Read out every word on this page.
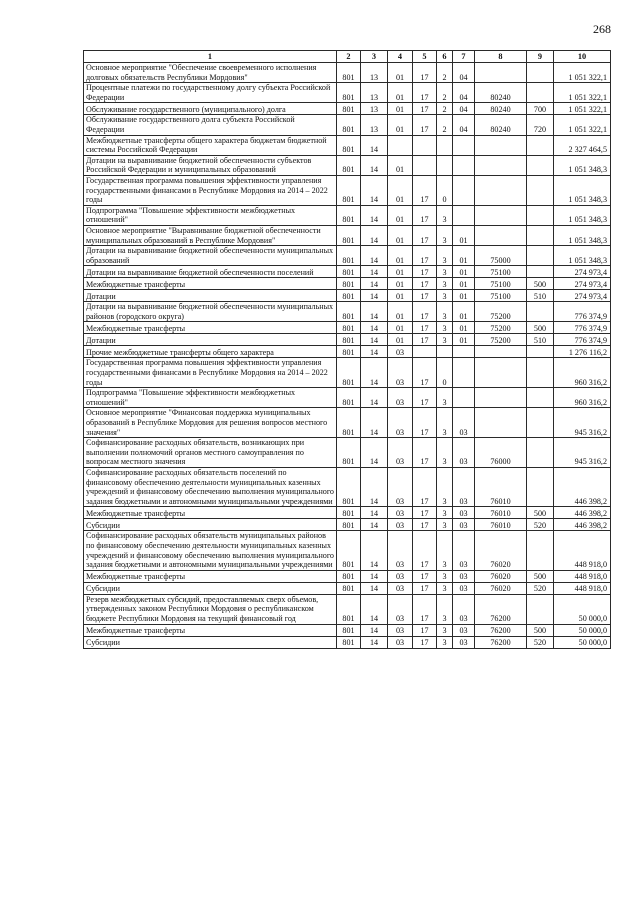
268
1	2	3	4	5	6	7	8	9	10
Основное мероприятие "Обеспечение своевременного исполнения долговых обязательств Республики Мордовия"	801	13	01	17	2	04			1 051 322,1
Процентные платежи по государственному долгу субъекта Российской Федерации	801	13	01	17	2	04	80240		1 051 322,1
Обслуживание государственного (муниципального) долга	801	13	01	17	2	04	80240	700	1 051 322,1
Обслуживание государственного долга субъекта Российской Федерации	801	13	01	17	2	04	80240	720	1 051 322,1
Межбюджетные трансферты общего характера бюджетам бюджетной системы Российской Федерации	801	14							2 327 464,5
Дотации на выравнивание бюджетной обеспеченности субъектов Российской Федерации и муниципальных образований	801	14	01						1 051 348,3
Государственная программа повышения эффективности управления государственными финансами в Республике Мордовия на 2014 – 2022 годы	801	14	01	17	0				1 051 348,3
Подпрограмма "Повышение эффективности межбюджетных отношений"	801	14	01	17	3				1 051 348,3
Основное мероприятие "Выравнивание бюджетной обеспеченности муниципальных образований в Республике Мордовия"	801	14	01	17	3	01			1 051 348,3
Дотации на выравнивание бюджетной обеспеченности муниципальных образований	801	14	01	17	3	01	75000		1 051 348,3
Дотации на выравнивание бюджетной обеспеченности поселений	801	14	01	17	3	01	75100		274 973,4
Межбюджетные трансферты	801	14	01	17	3	01	75100	500	274 973,4
Дотации	801	14	01	17	3	01	75100	510	274 973,4
Дотации на выравнивание бюджетной обеспеченности муниципальных районов (городского округа)	801	14	01	17	3	01	75200		776 374,9
Межбюджетные трансферты	801	14	01	17	3	01	75200	500	776 374,9
Дотации	801	14	01	17	3	01	75200	510	776 374,9
Прочие межбюджетные трансферты общего характера	801	14	03						1 276 116,2
Государственная программа повышения эффективности управления государственными финансами в Республике Мордовия на 2014 – 2022 годы	801	14	03	17	0				960 316,2
Подпрограмма "Повышение эффективности межбюджетных отношений"	801	14	03	17	3				960 316,2
Основное мероприятие "Финансовая поддержка муниципальных образований в Республике Мордовия для решения вопросов местного значения"	801	14	03	17	3	03			945 316,2
Софинансирование расходных обязательств, возникающих при выполнении полномочий органов местного самоуправления по вопросам местного значения	801	14	03	17	3	03	76000		945 316,2
Софинансирование расходных обязательств поселений по финансовому обеспечению деятельности муниципальных казенных учреждений и финансовому обеспечению выполнения муниципального задания бюджетными и автономными муниципальными учреждениями	801	14	03	17	3	03	76010		446 398,2
Межбюджетные трансферты	801	14	03	17	3	03	76010	500	446 398,2
Субсидии	801	14	03	17	3	03	76010	520	446 398,2
Софинансирование расходных обязательств муниципальных районов по финансовому обеспечению деятельности муниципальных казенных учреждений и финансовому обеспечению выполнения муниципального задания бюджетными и автономными муниципальными учреждениями	801	14	03	17	3	03	76020		448 918,0
Межбюджетные трансферты	801	14	03	17	3	03	76020	500	448 918,0
Субсидии	801	14	03	17	3	03	76020	520	448 918,0
Резерв межбюджетных субсидий, предоставляемых сверх объемов, утвержденных законом Республики Мордовия о республиканском бюджете Республики Мордовия на текущий финансовый год	801	14	03	17	3	03	76200		50 000,0
Межбюджетные трансферты	801	14	03	17	3	03	76200	500	50 000,0
Субсидии	801	14	03	17	3	03	76200	520	50 000,0
